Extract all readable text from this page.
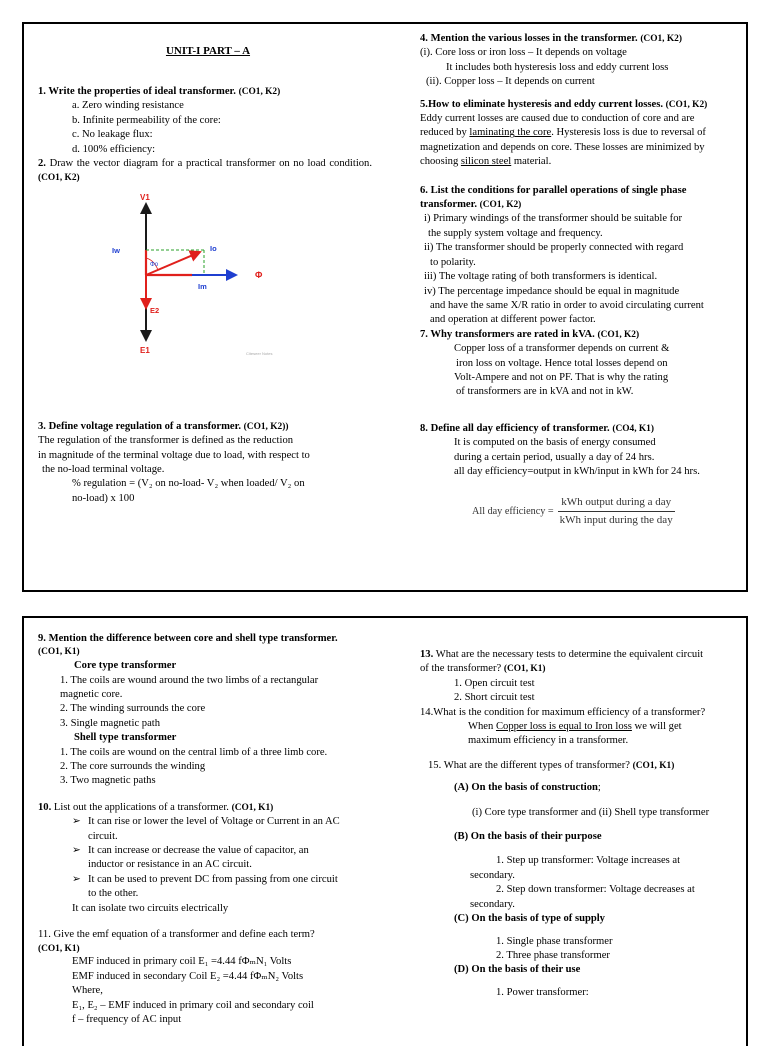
UNIT-I PART – A

1. Write the properties of ideal transformer. (CO1, K2)

a. Zero winding resistance
b. Infinite permeability of the core:
c. No leakage flux:
d. 100% efficiency:

2. Draw the vector diagram for a practical transformer on no load condition. (CO1, K2)

V1
E1
E2
Φ
Iw	Io
Im
Φo
Citeseer Notes

3. Define voltage regulation of a transformer. (CO1, K2))

The regulation of the transformer is defined as the reduction
in magnitude of the terminal voltage due to load, with respect to
the no-load terminal voltage.
% regulation = (V₂ on no-load- V₂ when loaded/ V₂ on
no-load) x 100

4. Mention the various losses in the transformer. (CO1, K2)

(i). Core loss or iron loss – It depends on voltage
It includes both hysteresis loss and eddy current loss
(ii). Copper loss – It depends on current

5.How to eliminate hysteresis and eddy current losses. (CO1, K2)

Eddy current losses are caused due to conduction of core and are
reduced by laminating the core. Hysteresis loss is due to reversal of
magnetization and depends on core. These losses are minimized by
choosing silicon steel material.

6. List the conditions for parallel operations of single phase

transformer. (CO1, K2)

i) Primary windings of the transformer should be suitable for
the supply system voltage and frequency.
ii) The transformer should be properly connected with regard
to polarity.
iii) The voltage rating of both transformers is identical.
iv) The percentage impedance should be equal in magnitude
and have the same X/R ratio in order to avoid circulating current
and operation at different power factor.

7. Why transformers are rated in kVA. (CO1, K2)

Copper loss of a transformer depends on current &
iron loss on voltage. Hence total losses depend on
Volt-Ampere and not on PF. That is why the rating
of transformers are in kVA and not in kW.

8. Define all day efficiency of transformer. (CO4, K1)

It is computed on the basis of energy consumed
during a certain period, usually a day of 24 hrs.
all day efficiency=output in kWh/input in kWh for 24 hrs.
All day efficiency =
kWh output during a day
kWh input during the day

9. Mention the difference between core and shell type transformer.

(CO1, K1)

Core type transformer

1. The coils are wound around the two limbs of a rectangular
magnetic core.
2. The winding surrounds the core
3. Single magnetic path

Shell type transformer

1. The coils are wound on the central limb of a three limb core.
2. The core surrounds the winding
3. Two magnetic paths

10. List out the applications of a transformer. (CO1, K1)

➢ It can rise or lower the level of Voltage or Current in an AC
circuit.
➢ It can increase or decrease the value of capacitor, an
inductor or resistance in an AC circuit.
➢ It can be used to prevent DC from passing from one circuit
to the other.
It can isolate two circuits electrically

11. Give the emf equation of a transformer and define each term?

(CO1, K1)

EMF induced in primary coil E₁ =4.44 fΦₘN₁ Volts
EMF induced in secondary Coil E₂ =4.44 fΦₘN₂ Volts
Where,
E₁, E₂ – EMF induced in primary coil and secondary coil
f – frequency of AC input

13. What are the necessary tests to determine the equivalent circuit

of the transformer? (CO1, K1)

1. Open circuit test
2. Short circuit test

14.What is the condition for maximum efficiency of a transformer?

When Copper loss is equal to Iron loss we will get
maximum efficiency in a transformer.

15. What are the different types of transformer? (CO1, K1)

(A) On the basis of construction;

(i) Core type transformer and (ii) Shell type transformer

(B) On the basis of their purpose

1. Step up transformer: Voltage increases at
secondary.
2. Step down transformer: Voltage decreases at
secondary.

(C) On the basis of type of supply

1. Single phase transformer
2. Three phase transformer

(D) On the basis of their use

1. Power transformer:
